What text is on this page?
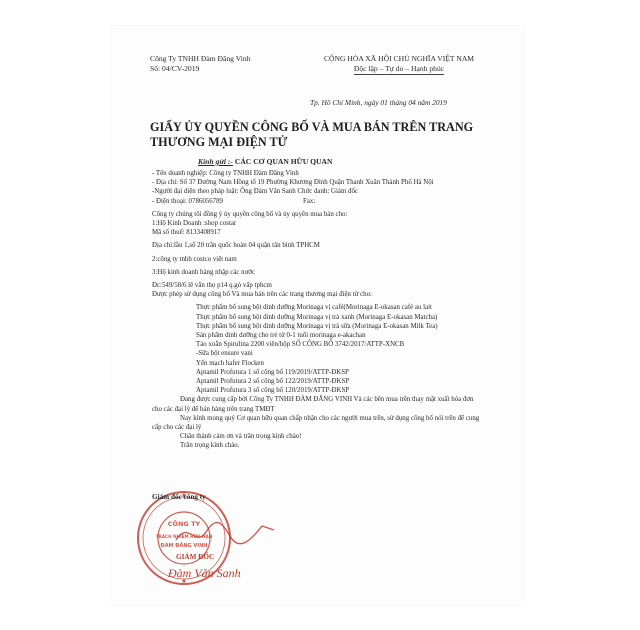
Công Ty TNHH Đàm Đăng Vinh
Số: 04/CV-2019
CỘNG HÒA XÃ HỘI CHỦ NGHĨA VIỆT NAM
Độc lập – Tự do – Hạnh phúc
Tp. Hồ Chí Minh, ngày 01 tháng 04 năm 2019
GIẤY ỦY QUYỀN CÔNG BỐ VÀ MUA BÁN TRÊN TRANG
THƯƠNG MẠI ĐIỆN TỬ
Kính gửi :- CÁC CƠ QUAN HỮU QUAN
- Tên doanh nghiệp: Công ty TNHH Đàm Đăng Vinh
- Địa chỉ: Số 37 Đường Nam Hồng tổ 19 Phường Khương Đình Quận Thanh Xuân Thành Phố Hà Nội
-Người đại diện theo pháp luật: Ông Đàm Văn Sanh Chức danh: Giám đốc
- Điện thoại: 0786056789	Fax:
Công ty chúng tôi đồng ý ủy quyền công bố và ủy quyền mua bán cho:
1:Hộ Kinh Doanh :shop costar
Mã số thuế: 8133408917
Địa chỉ:lầu 1,số 20 trần quốc hoàn 04 quận tân bình TPHCM
2:công ty tnhh costco việt nam
3:Hộ kinh doanh hàng nhập các nước
Đc:549/58/6 lê văn thọ p14 q.gò vấp tphcm
Được phép sử dụng công bố Và mua bán trên các trang thương mại điện tử cho:
Thực phẩm bổ sung bột dinh dưỡng Morinaga vị café(Morinaga E-okasan café au lait
Thực phẩm bổ sung bột dinh dưỡng Morinaga vị trà xanh (Morinaga E-okasan Matcha)
Thực phẩm bổ sung bột dinh dưỡng Morinaga vị trà sữa (Morinaga E-okasan Milk Tea)
Sản phẩm dinh dưỡng cho trẻ từ 0-1 tuổi morinaga e-akachan
Tảo xoắn Spirulina 2200 viên/hộp SỐ CÔNG BỐ 3742/2017/ATTP-XNCB
-Sữa bột ensure vani
Yến mạch hafer Flocken
Aptamil Profutura 1 số công bố 119/2019/ATTP-ĐKSP
Aptamil Profutura 2 số công bố 122/2019/ATTP-ĐKSP
Aptamil Profutura 3 số công bố 120/2019/ATTP-ĐKSP
Đang được cung cấp bởi Công Ty TNHH ĐÀM ĐĂNG VINH Và các bên mua trên thay mặt xuất hóa đơn
cho các đại lý để bán hàng trên trang TMĐT
Nay kính mong quý Cơ quan hữu quan chấp nhận cho các người mua trên, sử dụng công bố nói trên để cung
cấp cho các đại lý
Chân thành cảm ơn và trân trọng kính chào!
Trân trọng kính chào.
CÔNG TY
TRÁCH NHIỆM HỮU HẠN
ĐÀM ĐĂNG VINH
Giám đốc công ty
GIÁM ĐỐC
Đàm Văn Sanh
